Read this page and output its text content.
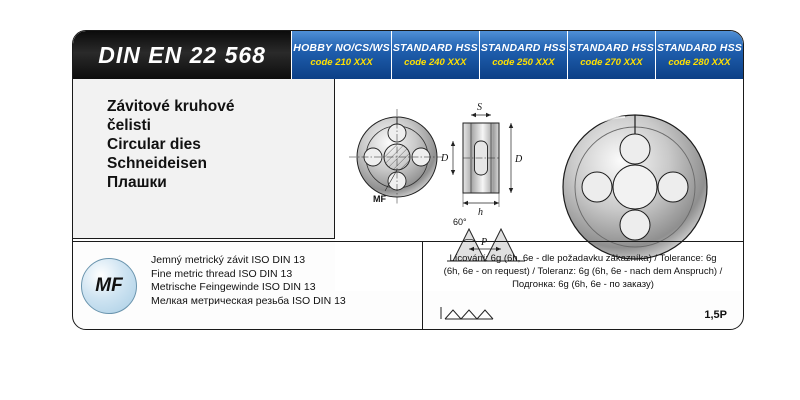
DIN EN 22 568	HOBBY NO/CS/WS
code 210 XXX
STANDARD HSS
code 240 XXX
STANDARD HSS
code 250 XXX
STANDARD HSS
code 270 XXX
STANDARD HSS
code 280 XXX
Závitové kruhové
čelisti
Circular dies
Schneideisen
Плашки
MF
S
h
D
D
60°
P
MF
Jemný metrický závit ISO DIN 13
Fine metric thread ISO DIN 13
Metrische Feingewinde ISO DIN 13
Мелкая метрическая резьба ISO DIN 13
Lícování: 6g (6h, 6e - dle požadavku zákazníka) / Tolerance: 6g
(6h, 6e - on request) / Toleranz: 6g (6h, 6e - nach dem Anspruch) /
Подгонка: 6g (6h, 6e - по заказу)
1,5P
